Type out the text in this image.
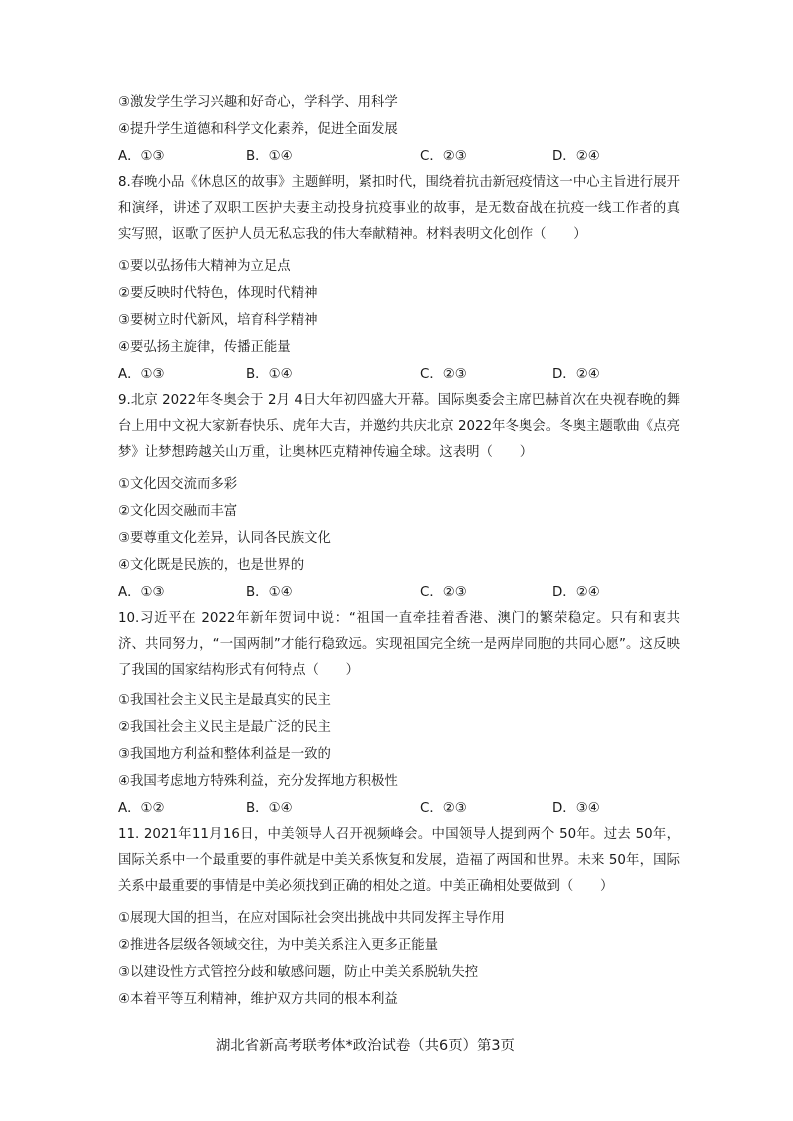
③激发学生学习兴趣和好奇心，学科学、用科学
④提升学生道德和科学文化素养，促进全面发展
A．①③	B．①④	C．②③	D．②④
8.春晚小品《休息区的故事》主题鲜明，紧扣时代，围绕着抗击新冠疫情这一中心主旨进行展开和演绎，讲述了双职工医护夫妻主动投身抗疫事业的故事，是无数奋战在抗疫一线工作者的真实写照，讴歌了医护人员无私忘我的伟大奉献精神。材料表明文化创作（　　）
①要以弘扬伟大精神为立足点
②要反映时代特色，体现时代精神
③要树立时代新风，培育科学精神
④要弘扬主旋律，传播正能量
A．①③	B．①④	C．②③	D．②④
9.北京 2022年冬奥会于 2月 4日大年初四盛大开幕。国际奥委会主席巴赫首次在央视春晚的舞台上用中文祝大家新春快乐、虎年大吉，并邀约共庆北京 2022年冬奥会。冬奥主题歌曲《点亮梦》让梦想跨越关山万重，让奥林匹克精神传遍全球。这表明（　　）
①文化因交流而多彩
②文化因交融而丰富
③要尊重文化差异，认同各民族文化
④文化既是民族的，也是世界的
A．①③	B．①④	C．②③	D．②④
10.习近平在 2022年新年贺词中说：“祖国一直牵挂着香港、澳门的繁荣稳定。只有和衷共济、共同努力，“一国两制”才能行稳致远。实现祖国完全统一是两岸同胞的共同心愿”。这反映了我国的国家结构形式有何特点（　　）
①我国社会主义民主是最真实的民主
②我国社会主义民主是最广泛的民主
③我国地方利益和整体利益是一致的
④我国考虑地方特殊利益，充分发挥地方积极性
A．①②	B．①④	C．②③	D．③④
11. 2021年11月16日，中美领导人召开视频峰会。中国领导人提到两个 50年。过去 50年，国际关系中一个最重要的事件就是中美关系恢复和发展，造福了两国和世界。未来 50年，国际关系中最重要的事情是中美必须找到正确的相处之道。中美正确相处要做到（　　）
①展现大国的担当，在应对国际社会突出挑战中共同发挥主导作用
②推进各层级各领域交往，为中美关系注入更多正能量
③以建设性方式管控分歧和敏感问题，防止中美关系脱轨失控
④本着平等互利精神，维护双方共同的根本利益
湖北省新高考联考体*政治试卷（共6页）第3页
